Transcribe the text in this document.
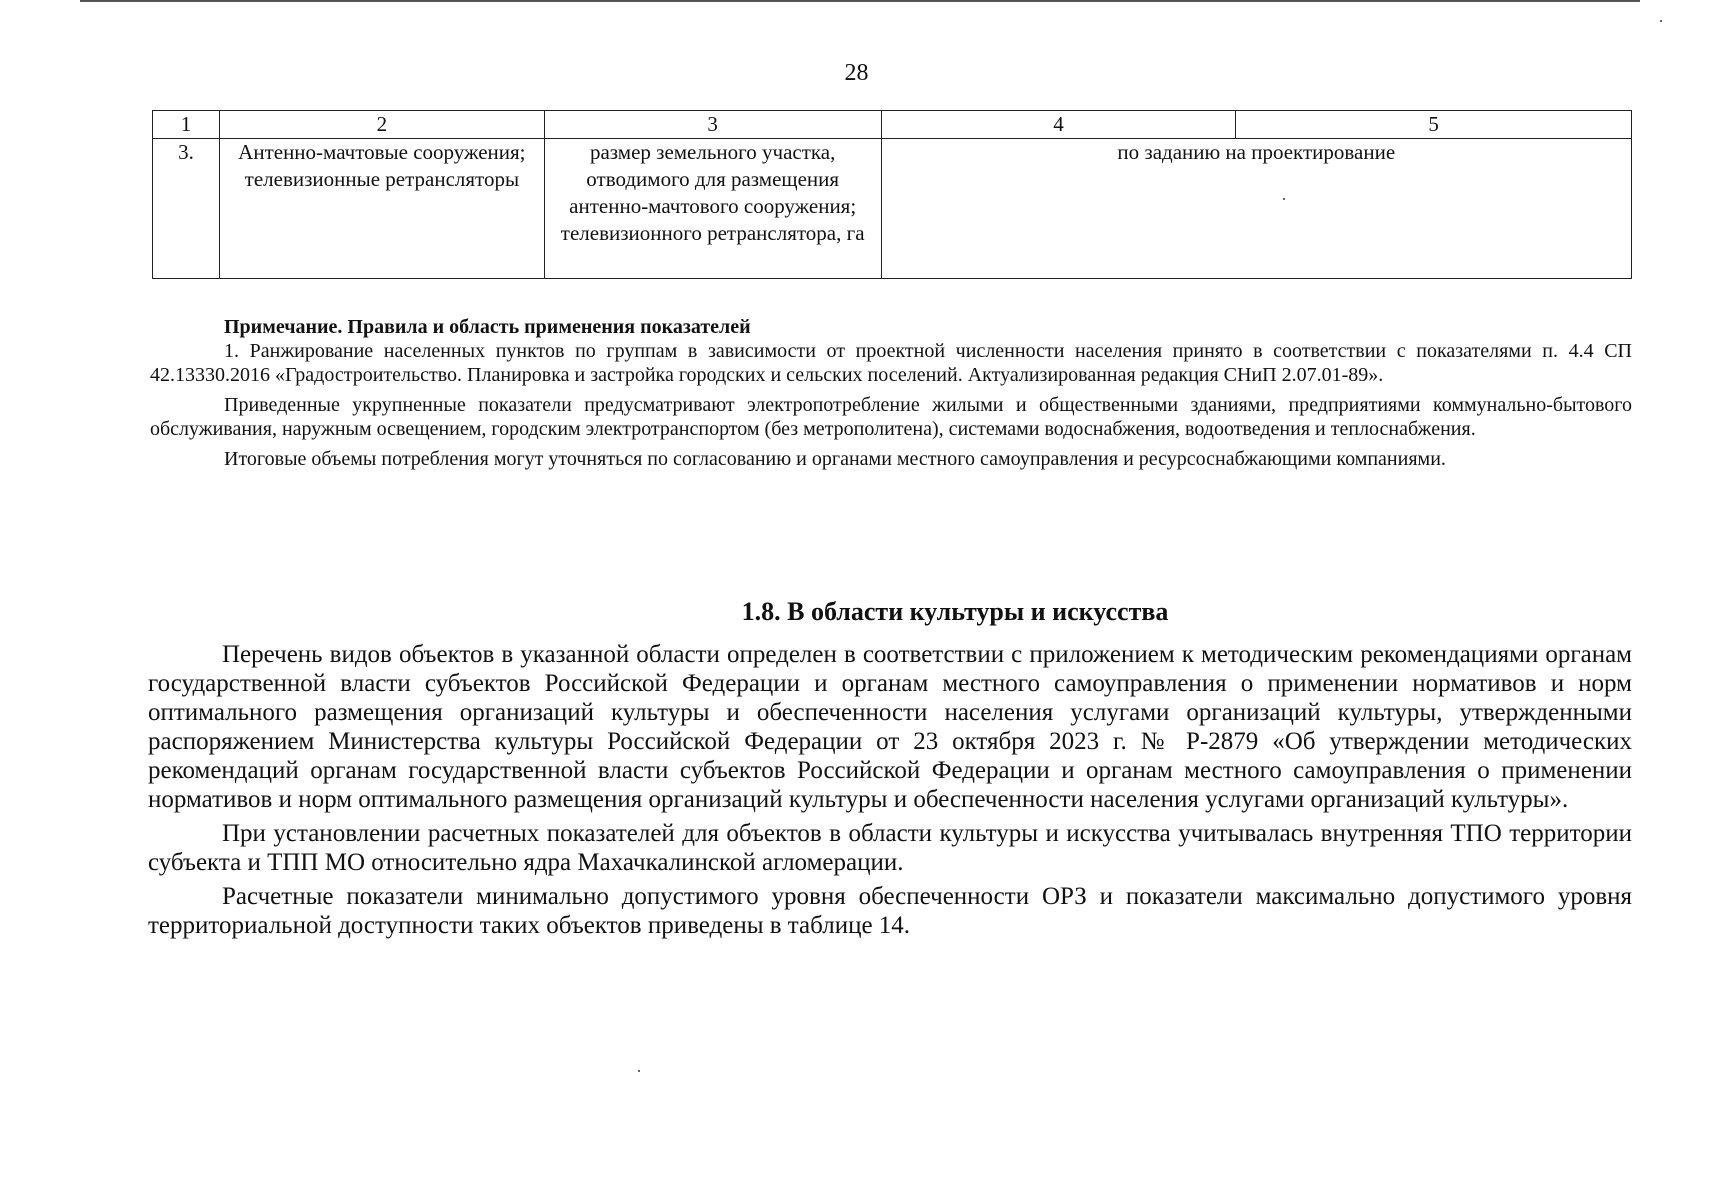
28
1	2	3	4	5
3.	Антенно-мачтовые сооружения; телевизионные ретрансляторы	размер земельного участка, отводимого для размещения антенно-мачтового сооружения; телевизионного ретранслятора, га	по заданию на проектирование	

Примечание. Правила и область применения показателей

1. Ранжирование населенных пунктов по группам в зависимости от проектной численности населения принято в соответствии с показателями п. 4.4 СП 42.13330.2016 «Градостроительство. Планировка и застройка городских и сельских поселений. Актуализированная редакция СНиП 2.07.01-89».

Приведенные укрупненные показатели предусматривают электропотребление жилыми и общественными зданиями, предприятиями коммунально-бытового обслуживания, наружным освещением, городским электротранспортом (без метрополитена), системами водоснабжения, водоотведения и теплоснабжения.

Итоговые объемы потребления могут уточняться по согласованию и органами местного самоуправления и ресурсоснабжающими компаниями.

1.8. В области культуры и искусства

Перечень видов объектов в указанной области определен в соответствии с приложением к методическим рекомендациями органам государственной власти субъектов Российской Федерации и органам местного самоуправления о применении нормативов и норм оптимального размещения организаций культуры и обеспеченности населения услугами организаций культуры, утвержденными распоряжением Министерства культуры Российской Федерации от 23 октября 2023 г. № Р-2879 «Об утверждении методических рекомендаций органам государственной власти субъектов Российской Федерации и органам местного самоуправления о применении нормативов и норм оптимального размещения организаций культуры и обеспеченности населения услугами организаций культуры».

При установлении расчетных показателей для объектов в области культуры и искусства учитывалась внутренняя ТПО территории субъекта и ТПП МО относительно ядра Махачкалинской агломерации.

Расчетные показатели минимально допустимого уровня обеспеченности ОРЗ и показатели максимально допустимого уровня территориальной доступности таких объектов приведены в таблице 14.
